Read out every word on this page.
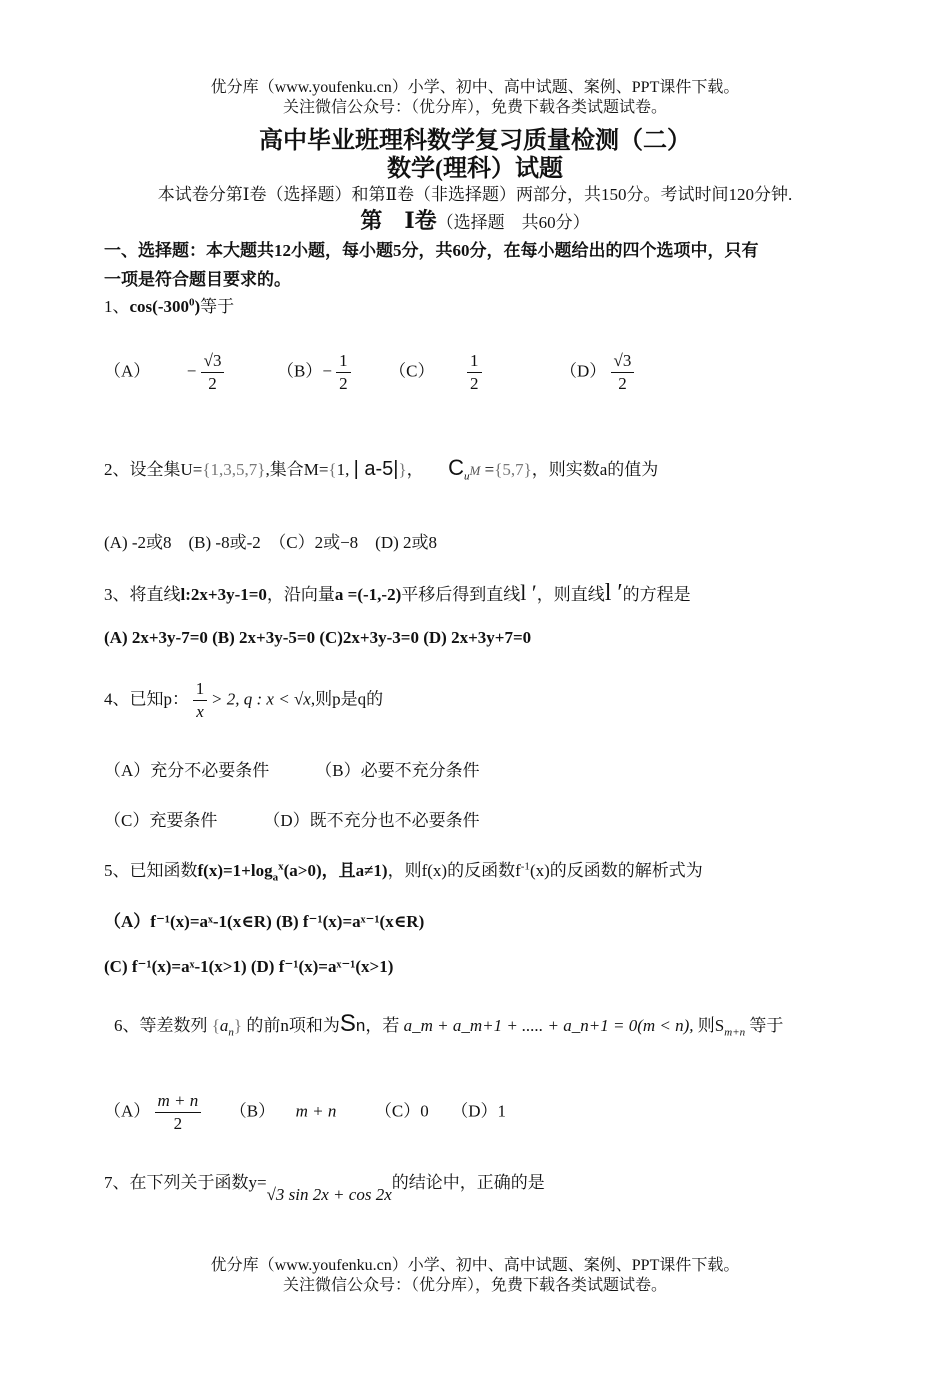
优分库（www.youfenku.cn）小学、初中、高中试题、案例、PPT课件下载。
关注微信公众号：（优分库），免费下载各类试题试卷。
高中毕业班理科数学复习质量检测（二）
数学(理科）试题
本试卷分第Ⅰ卷（选择题）和第Ⅱ卷（非选择题）两部分，共150分。考试时间120分钟.
第　Ⅰ卷（选择题　共60分）
一、选择题：本大题共12小题，每小题5分，共60分，在每小题给出的四个选项中，只有
一项是符合题目要求的。
1、$\cos(-300^0)$等于
$(A) - \frac{√3}{2}$	$(B)- \frac{1}{2} (C) \frac{1}{2}$	$(D) \frac{√3}{2}$
2、设全集U={1,3,5,7},集合M={1, | a-5|}，  $C_uM =\{5,7\}$，则实数a的值为
(A) -2或8　(B) -8或-2　（C）2或−8　(D) 2或8
3、将直线l:2x+3y-1=0，沿向量a =(-1,-2)平移后得到直线l ′，则直线l ′的方程是
(A) 2x+3y-7=0 (B) 2x+3y-5=0 (C)2x+3y-3=0 (D) 2x+3y+7=0
4、已知p： $\frac{1}{x} > 2$, q : x < √x,则p是q的
（A）充分不必要条件	（B）必要不充分条件
（C）充要条件	（D）既不充分也不必要条件
5、已知函数$f(x)=1+\log_a^x(a>0)$，且a≠1)，则f(x)的反函数$f^{-1}(x)$的反函数的解析式为
（A）f⁻¹(x)=aˣ-1(x∈R) (B) f⁻¹(x)=aˣ⁻¹(x∈R)
(C) f⁻¹(x)=aˣ-1(x>1) (D) f⁻¹(x)=aˣ⁻¹(x>1)
6、等差数列 $\{a_n\}$ 的前n项和为Sn，若 a_m + a_m+1 + ..... + a_n+1 = 0(m < n), 则$S_{m+n}$ 等于
$(A) \frac{m + n}{2} (B) m + n$ （C）0 （D）1
7、在下列关于函数y=√3 sin 2x + cos 2x的结论中，正确的是
优分库（www.youfenku.cn）小学、初中、高中试题、案例、PPT课件下载。
关注微信公众号：（优分库），免费下载各类试题试卷。
